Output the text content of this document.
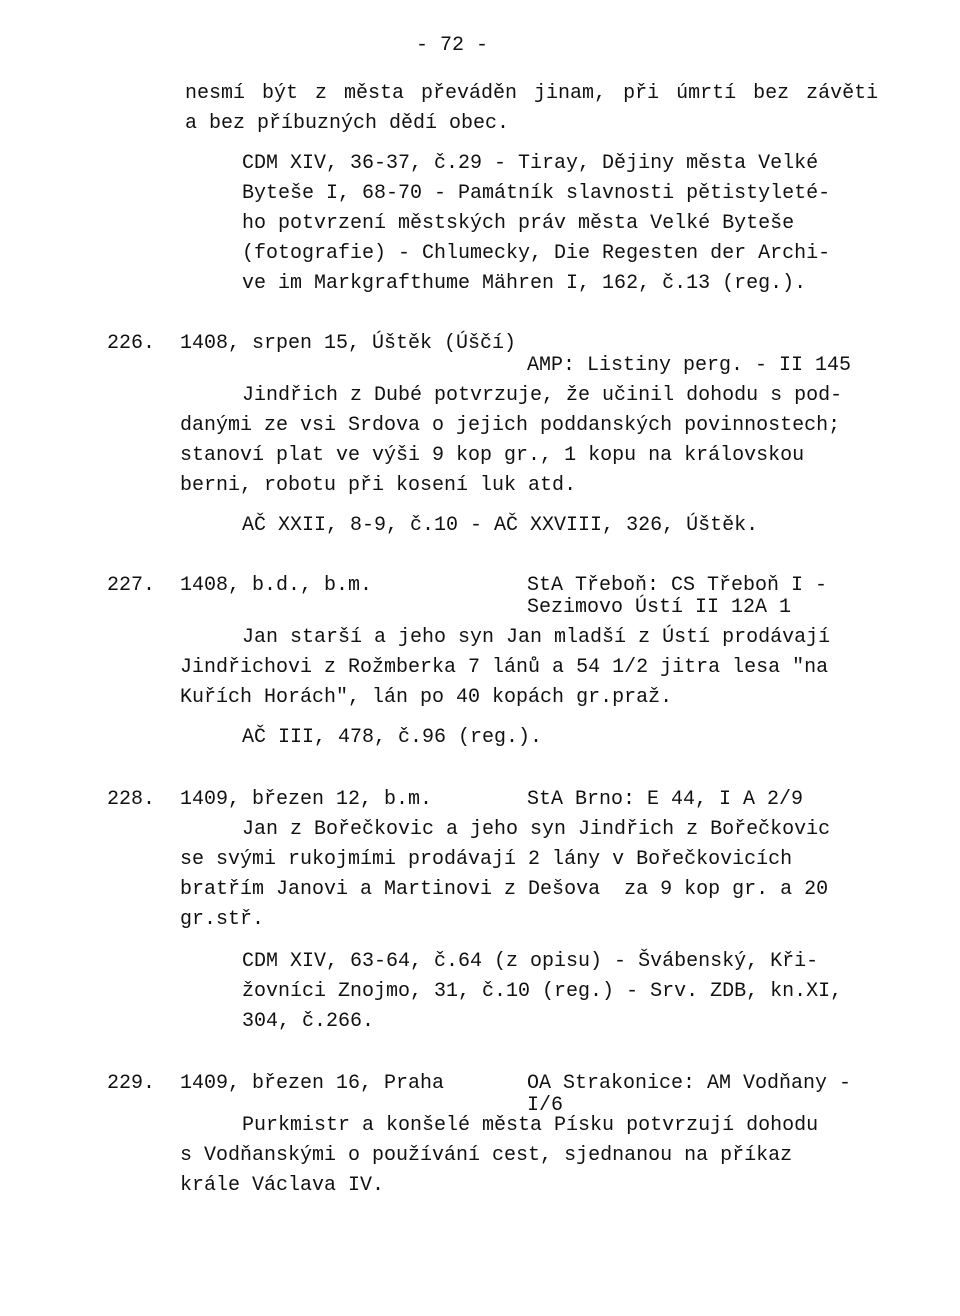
- 72 -
nesmí být z města převáděn jinam, při úmrtí bez závěti
a bez příbuzných dědí obec.
CDM XIV, 36-37, č.29 - Tiray, Dějiny města Velké
Byteše I, 68-70 - Památník slavnosti pětistyleté-
ho potvrzení městských práv města Velké Byteše
(fotografie) - Chlumecky, Die Regesten der Archi-
ve im Markgrafthume Mähren I, 162, č.13 (reg.).
226. 1408, srpen 15, Úštěk (Úščí)
AMP: Listiny perg. - II 145
Jindřich z Dubé potvrzuje, že učinil dohodu s pod-
danými ze vsi Srdova o jejich poddanských povinnostech;
stanoví plat ve výši 9 kop gr., 1 kopu na královskou
berni, robotu při kosení luk atd.
AČ XXII, 8-9, č.10 - AČ XXVIII, 326, Úštěk.
227. 1408, b.d., b.m.	StA Třeboň: CS Třeboň I -
Sezimovo Ústí II 12A 1
Jan starší a jeho syn Jan mladší z Ústí prodávají
Jindřichovi z Rožmberka 7 lánů a 54 1/2 jitra lesa "na
Kuřích Horách", lán po 40 kopách gr.praž.
AČ III, 478, č.96 (reg.).
228. 1409, březen 12, b.m.	StA Brno: E 44, I A 2/9
Jan z Bořečkovic a jeho syn Jindřich z Bořečkovic
se svými rukojmími prodávají 2 lány v Bořečkovicích
bratřím Janovi a Martinovi z Dešova  za 9 kop gr. a 20
gr.stř.
CDM XIV, 63-64, č.64 (z opisu) - Švábenský, Kři-
žovníci Znojmo, 31, č.10 (reg.) - Srv. ZDB, kn.XI,
304, č.266.
229. 1409, březen 16, Praha	OA Strakonice: AM Vodňany -
I/6
Purkmistr a konšelé města Písku potvrzují dohodu
s Vodňanskými o používání cest, sjednanou na příkaz
krále Václava IV.
